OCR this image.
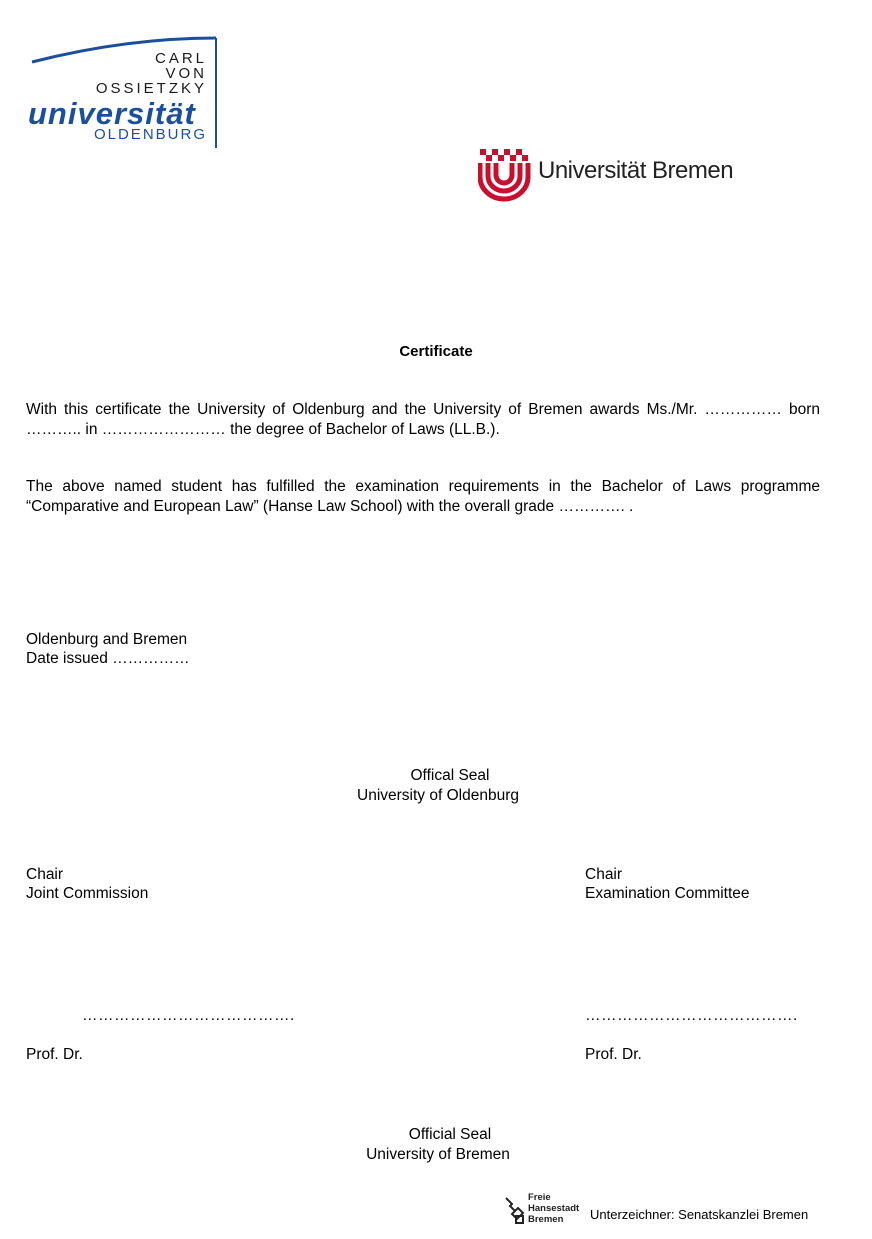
CARL
VON
OSSIETZKY
universität
OLDENBURG
Universität Bremen
Certificate
With this certificate the University of Oldenburg and the University of Bremen awards Ms./Mr. …………… born ……….. in …………………… the degree of Bachelor of Laws (LL.B.).
The above named student has fulfilled the examination requirements in the Bachelor of Laws programme “Comparative and European Law” (Hanse Law School) with the overall grade …………. .
Oldenburg and Bremen
Date issued ……………
Offical Seal
University of Oldenburg
Chair
Joint Commission
………………………………….
Prof. Dr.
Chair
Examination Committee
………………………………….
Prof. Dr.
Official Seal
University of Bremen
Freie
Hansestadt
Bremen	Unterzeichner: Senatskanzlei Bremen
